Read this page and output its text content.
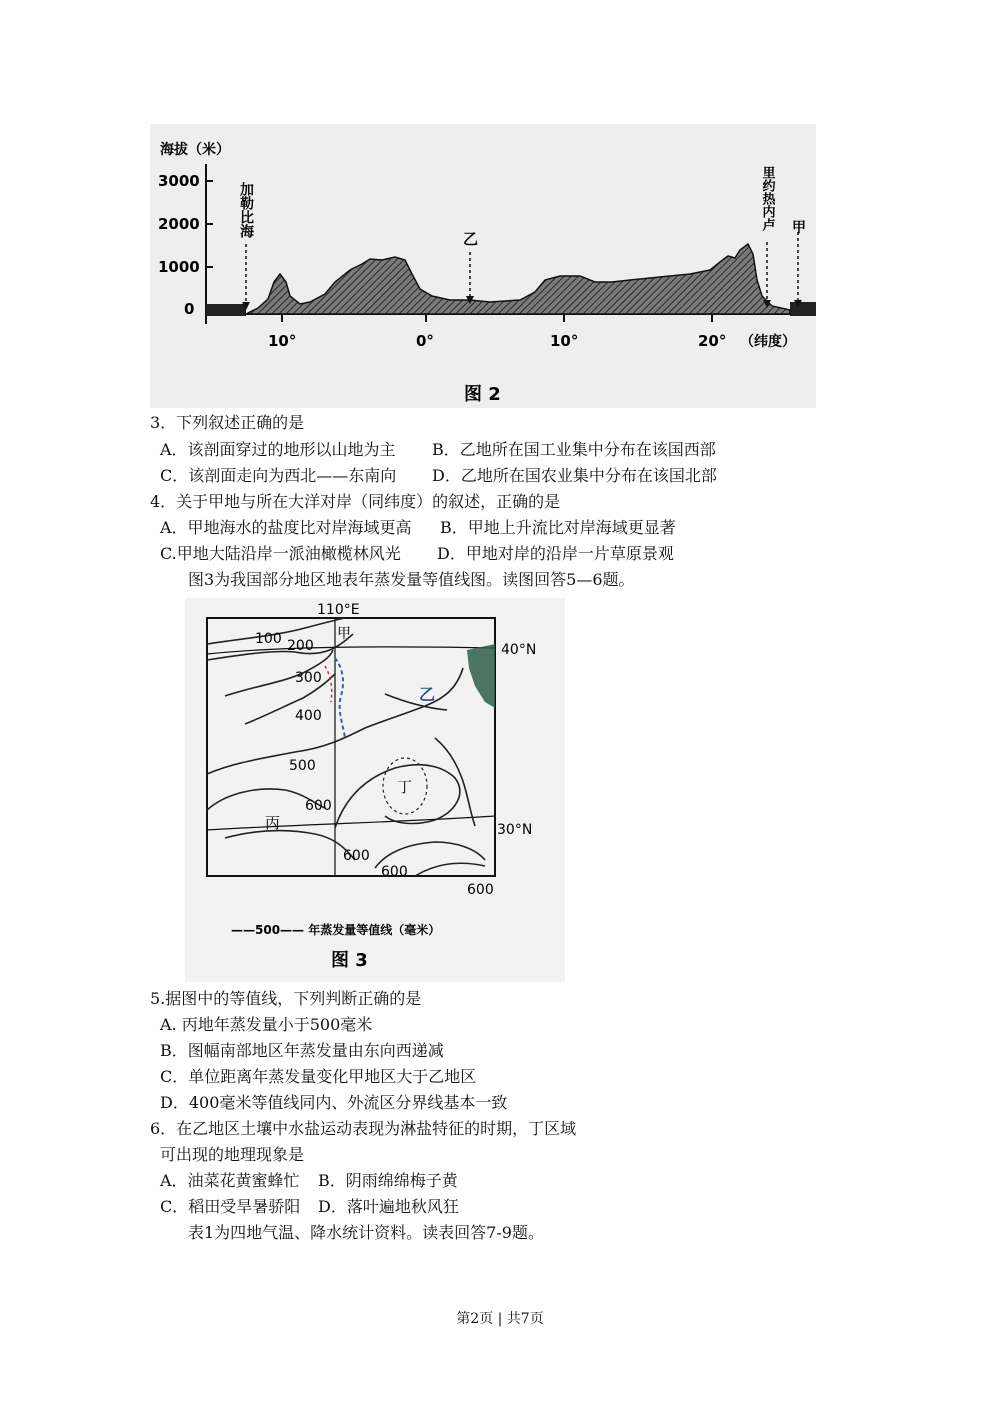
海拔（米）
3000
2000
1000
0
10°	0°	10°	20° （纬度）
加勒比海
乙
里约热内卢 甲
图 2
3．下列叙述正确的是
A．该剖面穿过的地形以山地为主 B．乙地所在国工业集中分布在该国西部
C．该剖面走向为西北——东南向 D．乙地所在国农业集中分布在该国北部
4．关于甲地与所在大洋对岸（同纬度）的叙述，正确的是
A．甲地海水的盐度比对岸海域更高 B．甲地上升流比对岸海域更显著
C.甲地大陆沿岸一派油橄榄林风光 D．甲地对岸的沿岸一片草原景观
图3为我国部分地区地表年蒸发量等值线图。读图回答5—6题。
100 200
300
400
500
600
600
600
600
110°E
40°N
30°N
甲
乙
丙
丁
——500—— 年蒸发量等值线（毫米）
图 3
5.据图中的等值线，下列判断正确的是
A. 丙地年蒸发量小于500毫米
B．图幅南部地区年蒸发量由东向西递减
C．单位距离年蒸发量变化甲地区大于乙地区
D．400毫米等值线同内、外流区分界线基本一致
6．在乙地区土壤中水盐运动表现为淋盐特征的时期，丁区域
可出现的地理现象是
A．油菜花黄蜜蜂忙 B．阴雨绵绵梅子黄
C．稻田受旱暑骄阳 D．落叶遍地秋风狂
表1为四地气温、降水统计资料。读表回答7-9题。
第2页 | 共7页
